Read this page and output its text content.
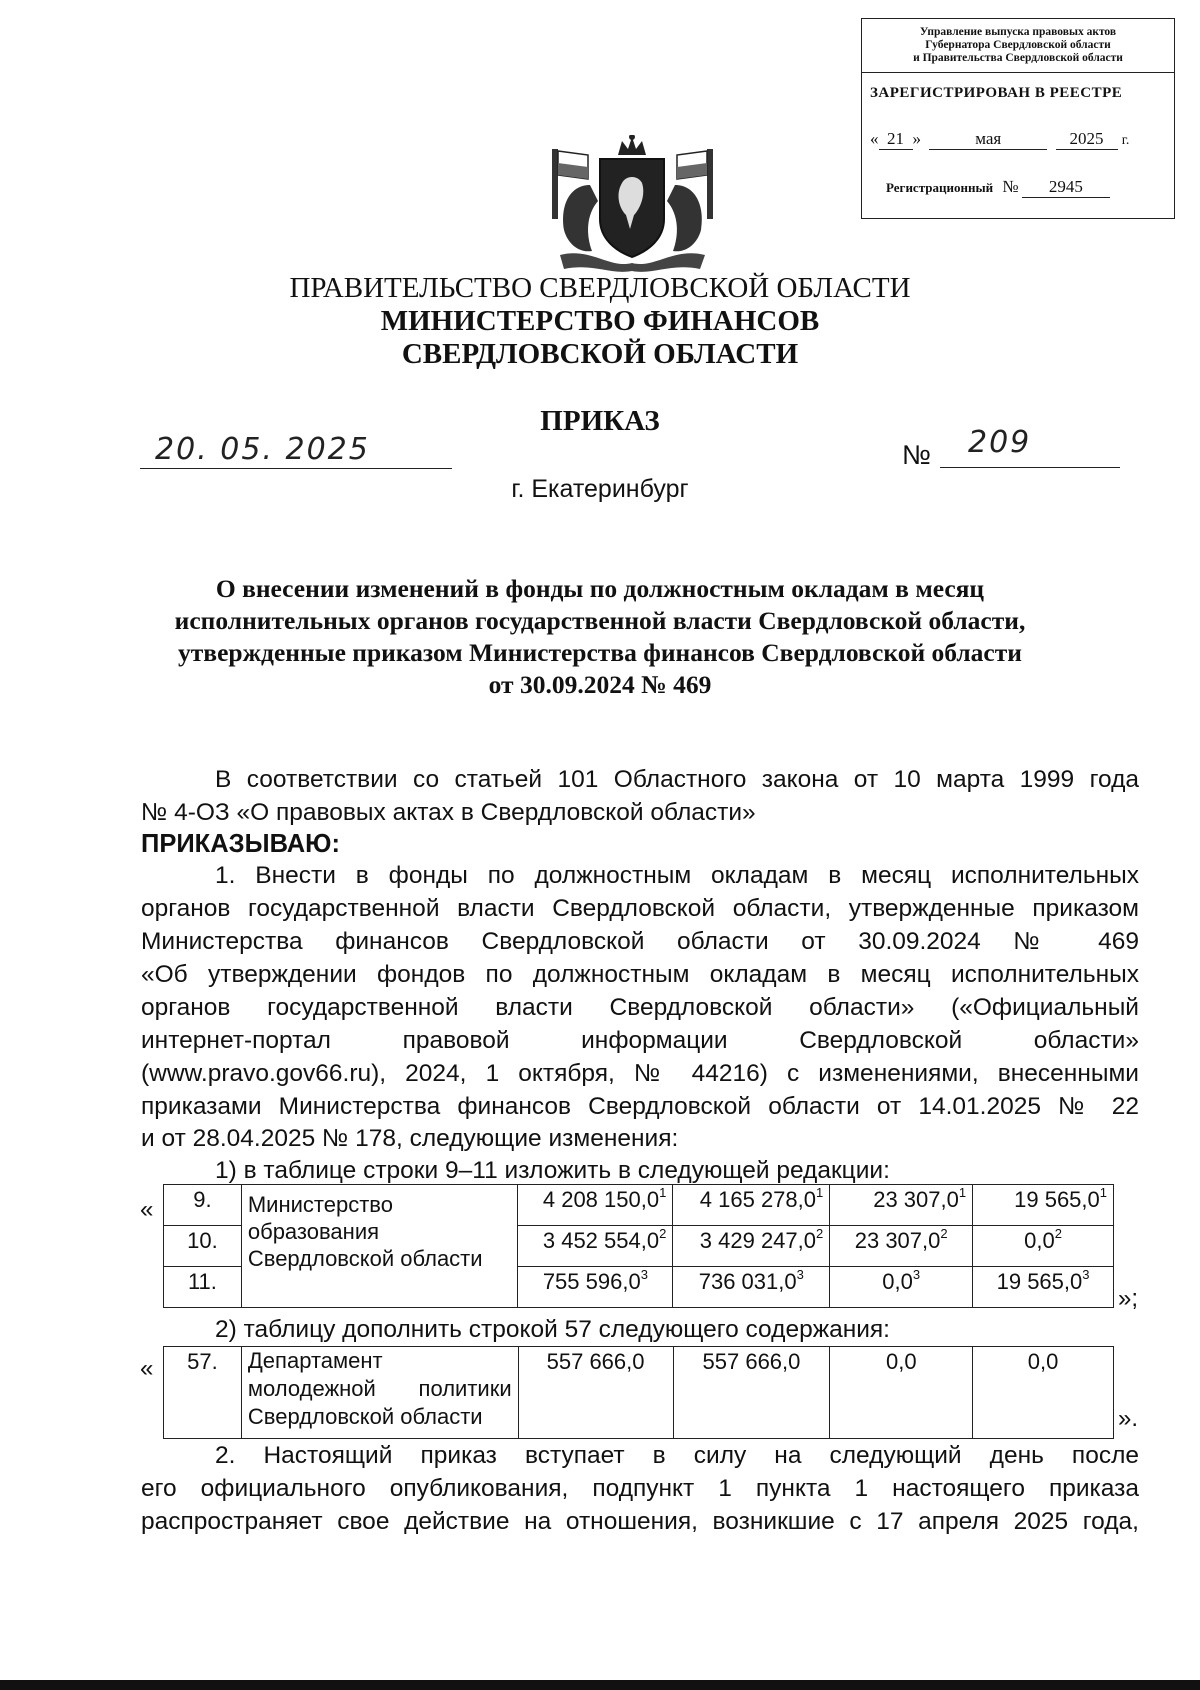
Управление выпуска правовых актов
Губернатора Свердловской области
и Правительства Свердловской области
ЗАРЕГИСТРИРОВАН В РЕЕСТРЕ
« 21 »	мая	2025 г.
Регистрационный № 2945
ПРАВИТЕЛЬСТВО СВЕРДЛОВСКОЙ ОБЛАСТИ
МИНИСТЕРСТВО ФИНАНСОВ
СВЕРДЛОВСКОЙ ОБЛАСТИ
ПРИКАЗ
20. 05. 2025	№ 209
г. Екатеринбург
О внесении изменений в фонды по должностным окладам в месяц
исполнительных органов государственной власти Свердловской области,
утвержденные приказом Министерства финансов Свердловской области
от 30.09.2024 № 469
В соответствии со статьей 101 Областного закона от 10 марта 1999 года
№ 4-ОЗ «О правовых актах в Свердловской области»
ПРИКАЗЫВАЮ:
1. Внести в фонды по должностным окладам в месяц исполнительных
органов государственной власти Свердловской области, утвержденные приказом
Министерства финансов Свердловской области от 30.09.2024 № 469
«Об утверждении фондов по должностным окладам в месяц исполнительных
органов государственной власти Свердловской области» («Официальный
интернет-портал правовой информации Свердловской области»
(www.pravo.gov66.ru), 2024, 1 октября, № 44216) с изменениями, внесенными
приказами Министерства финансов Свердловской области от 14.01.2025 № 22
и от 28.04.2025 № 178, следующие изменения:
1) в таблице строки 9–11 изложить в следующей редакции:
« 9.	Министерство образования Свердловской области	4 208 150,0$^1$	4 165 278,0$^1$	23 307,0$^1$	19 565,0$^1$
10.		3 452 554,0$^2$	3 429 247,0$^2$	23 307,0$^2$	$0,0^2$
11.		755 596,0$^3$	736 031,0$^3$	$0,0^3$	19 565,0$^3$
»;
2) таблицу дополнить строкой 57 следующего содержания:
« 57.	Департамент
молодежной политики
Свердловской области
	557 666,0	557 666,0	0,0	0,0
».
2. Настоящий приказ вступает в силу на следующий день после
его официального опубликования, подпункт 1 пункта 1 настоящего приказа
распространяет свое действие на отношения, возникшие с 17 апреля 2025 года,
